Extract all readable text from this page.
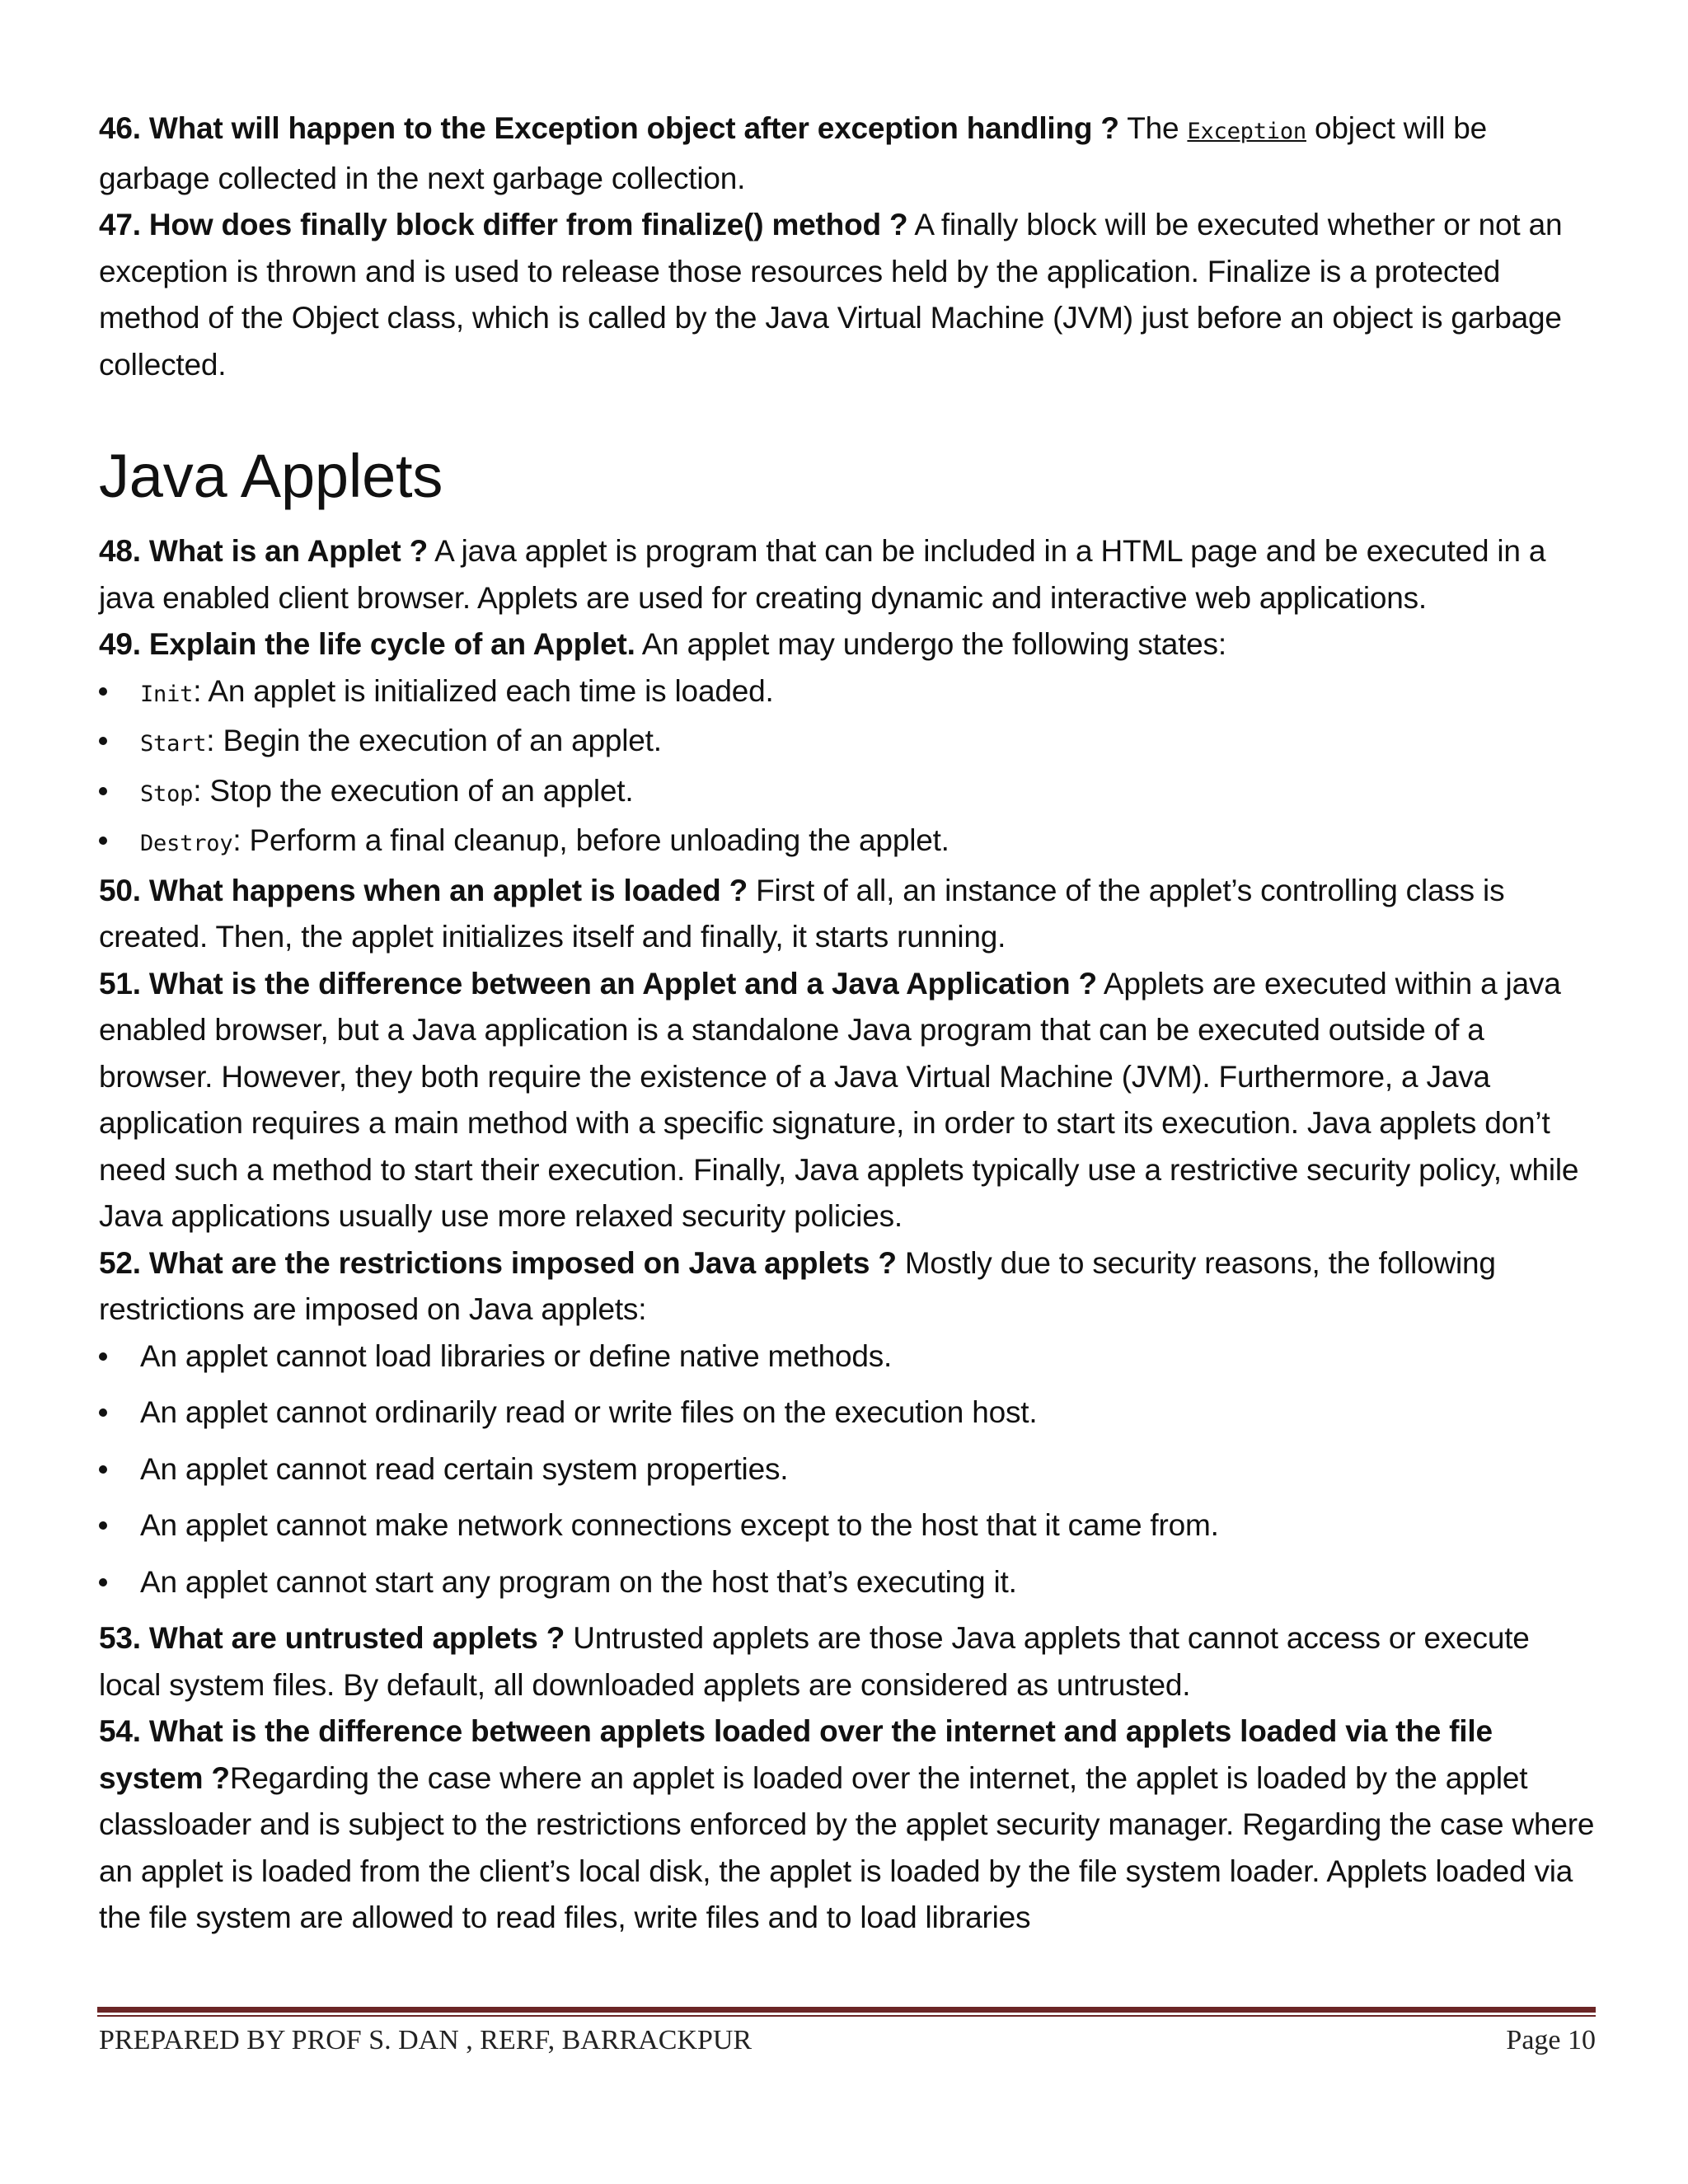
46. What will happen to the Exception object after exception handling ? The Exception object will be garbage collected in the next garbage collection.

47. How does finally block differ from finalize() method ? A finally block will be executed whether or not an exception is thrown and is used to release those resources held by the application. Finalize is a protected method of the Object class, which is called by the Java Virtual Machine (JVM) just before an object is garbage collected.

Java Applets

48. What is an Applet ? A java applet is program that can be included in a HTML page and be executed in a java enabled client browser. Applets are used for creating dynamic and interactive web applications.

49. Explain the life cycle of an Applet. An applet may undergo the following states:

Init: An applet is initialized each time is loaded.
Start: Begin the execution of an applet.
Stop: Stop the execution of an applet.
Destroy: Perform a final cleanup, before unloading the applet.

50. What happens when an applet is loaded ? First of all, an instance of the applet’s controlling class is created. Then, the applet initializes itself and finally, it starts running.

51. What is the difference between an Applet and a Java Application ? Applets are executed within a java enabled browser, but a Java application is a standalone Java program that can be executed outside of a browser. However, they both require the existence of a Java Virtual Machine (JVM). Furthermore, a Java application requires a main method with a specific signature, in order to start its execution. Java applets don’t need such a method to start their execution. Finally, Java applets typically use a restrictive security policy, while Java applications usually use more relaxed security policies.

52. What are the restrictions imposed on Java applets ? Mostly due to security reasons, the following restrictions are imposed on Java applets:

An applet cannot load libraries or define native methods.
An applet cannot ordinarily read or write files on the execution host.
An applet cannot read certain system properties.
An applet cannot make network connections except to the host that it came from.
An applet cannot start any program on the host that’s executing it.

53. What are untrusted applets ? Untrusted applets are those Java applets that cannot access or execute local system files. By default, all downloaded applets are considered as untrusted.

54. What is the difference between applets loaded over the internet and applets loaded via the file system ?Regarding the case where an applet is loaded over the internet, the applet is loaded by the applet classloader and is subject to the restrictions enforced by the applet security manager. Regarding the case where an applet is loaded from the client’s local disk, the applet is loaded by the file system loader. Applets loaded via the file system are allowed to read files, write files and to load libraries

PREPARED BY PROF S. DAN , RERF, BARRACKPUR	Page 10
